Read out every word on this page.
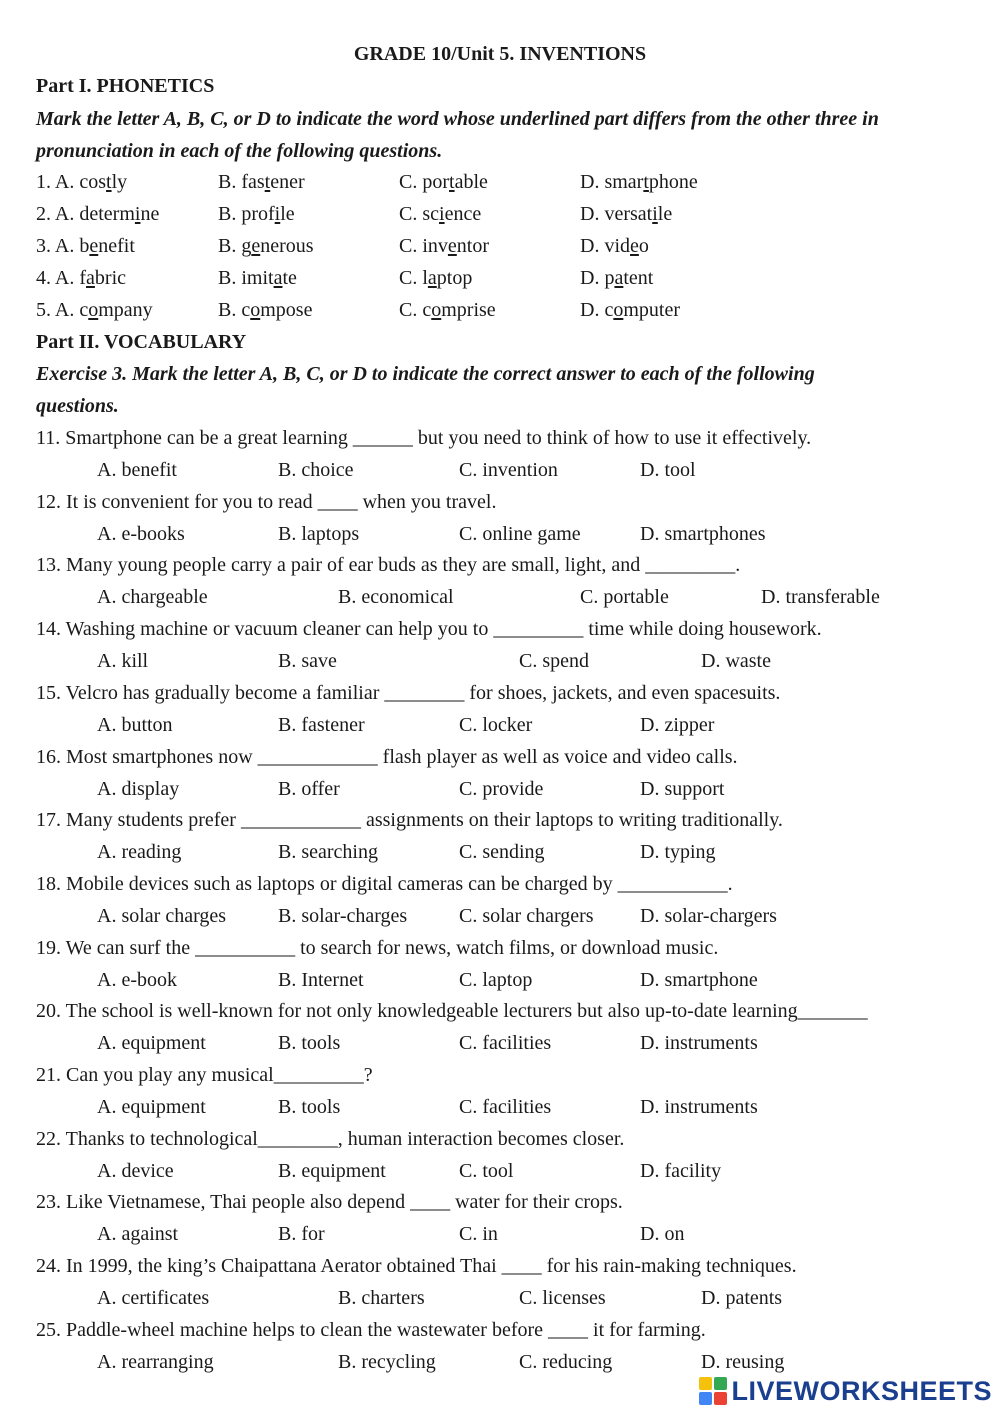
GRADE 10/Unit 5. INVENTIONS
Part I. PHONETICS
Mark the letter A, B, C, or D to indicate the word whose underlined part differs from the other three in
pronunciation in each of the following questions.
1. A. costly	B. fastener	C. portable	D. smartphone
2. A. determine	B. profile	C. science	D. versatile
3. A. benefit	B. generous	C. inventor	D. video
4. A. fabric	B. imitate	C. laptop	D. patent
5. A. company	B. compose	C. comprise	D. computer
Part II. VOCABULARY
Exercise 3. Mark the letter A, B, C, or D to indicate the correct answer to each of the following
questions.
11. Smartphone can be a great learning ______ but you need to think of how to use it effectively.
A. benefit	B. choice	C. invention	D. tool
12. It is convenient for you to read ____ when you travel.
A. e-books	B. laptops	C. online game	D. smartphones
13. Many young people carry a pair of ear buds as they are small, light, and _________.
A. chargeable	B. economical	C. portable	D. transferable
14. Washing machine or vacuum cleaner can help you to _________ time while doing housework.
A. kill	B. save	C. spend	D. waste
15. Velcro has gradually become a familiar ________ for shoes, jackets, and even spacesuits.
A. button	B. fastener	C. locker	D. zipper
16. Most smartphones now ____________ flash player as well as voice and video calls.
A. display	B. offer	C. provide	D. support
17. Many students prefer ____________ assignments on their laptops to writing traditionally.
A. reading	B. searching	C. sending	D. typing
18. Mobile devices such as laptops or digital cameras can be charged by ___________.
A. solar charges	B. solar-charges	C. solar chargers D. solar-chargers
19. We can surf the __________ to search for news, watch films, or download music.
A. e-book	B. Internet	C. laptop	D. smartphone
20. The school is well-known for not only knowledgeable lecturers but also up-to-date learning_______
A. equipment	B. tools	C. facilities	D. instruments
21. Can you play any musical_________?
A. equipment	B. tools	C. facilities	D. instruments
22. Thanks to technological________, human interaction becomes closer.
A. device	B. equipment	C. tool	D. facility
23. Like Vietnamese, Thai people also depend ____ water for their crops.
A. against	B. for	C. in	D. on
24. In 1999, the king’s Chaipattana Aerator obtained Thai ____ for his rain-making techniques.
A. certificates	B. charters	C. licenses	D. patents
25. Paddle-wheel machine helps to clean the wastewater before ____ it for farming.
A. rearranging	B. recycling	C. reducing	D. reusing
LIVEWORKSHEETS
